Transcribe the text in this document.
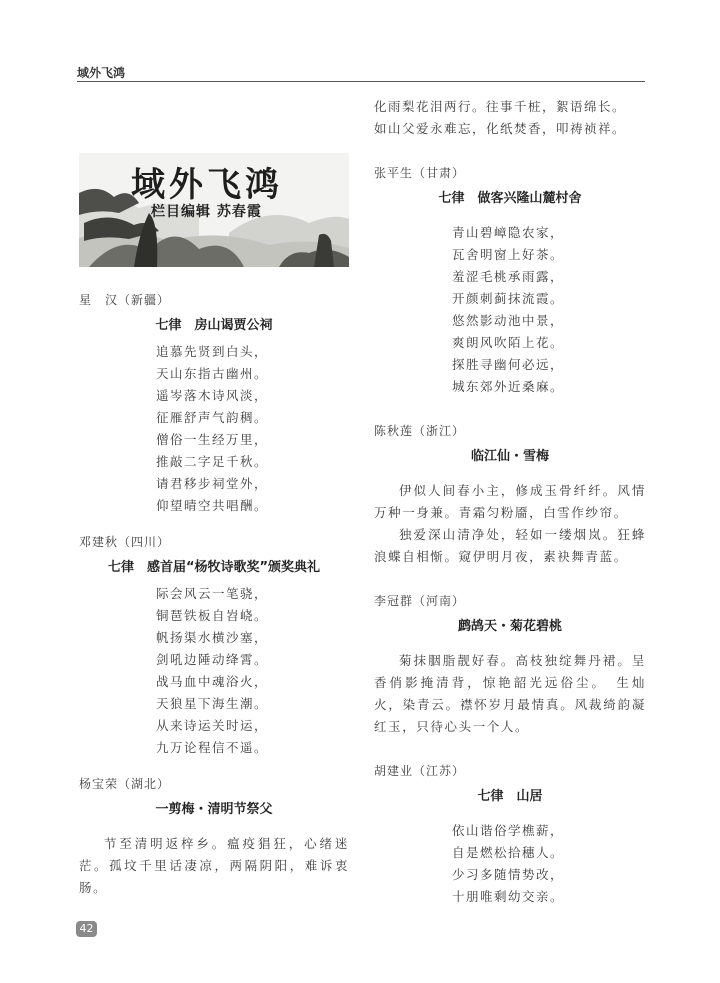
域外飞鸿
域外飞鸿
栏目编辑 苏春霞
星　汉（新疆）
七律　房山谒贾公祠
追慕先贤到白头，
天山东指古幽州。
遥岑落木诗风淡，
征雁舒声气韵稠。
僧俗一生经万里，
推敲二字足千秋。
请君移步祠堂外，
仰望晴空共唱酬。
邓建秋（四川）
七律　感首届“杨牧诗歌奖”颁奖典礼
际会风云一笔骁，
铜琶铁板自岧峣。
帆扬渠水横沙塞，
剑吼边陲动绛霄。
战马血中魂浴火，
天狼星下海生潮。
从来诗运关时运，
九万论程信不遥。
杨宝荣（湖北）
一剪梅・清明节祭父

节至清明返梓乡。瘟疫猖狂，心绪迷茫。孤坟千里话凄凉，两隔阴阳，难诉衷肠。

化雨梨花泪两行。往事千桩，絮语绵长。
如山父爱永难忘，化纸焚香，叩祷祯祥。
张平生（甘肃）
七律　做客兴隆山麓村舍
青山碧嶂隐农家，
瓦舍明窗上好茶。
羞涩毛桃承雨露，
开颜刺蓟抹流霞。
悠然影动池中景，
爽朗风吹陌上花。
探胜寻幽何必远，
城东郊外近桑麻。
陈秋莲（浙江）
临江仙・雪梅

伊似人间春小主，修成玉骨纤纤。风情万种一身兼。青霜匀粉靥，白雪作纱帘。

独爱深山清净处，轻如一缕烟岚。狂蜂浪蝶自相惭。窥伊明月夜，素袂舞青蓝。

李冠群（河南）
鹧鸪天・菊花碧桃

菊抹胭脂靓好春。高枝独绽舞丹裙。呈香俏影掩清背，惊艳韶光远俗尘。　生灿火，染青云。襟怀岁月最情真。风裁绮韵凝红玉，只待心头一个人。

胡建业（江苏）
七律　山居
依山谐俗学樵薪，
自是燃松拾穗人。
少习多随情势改，
十朋唯剩幼交亲。
42
